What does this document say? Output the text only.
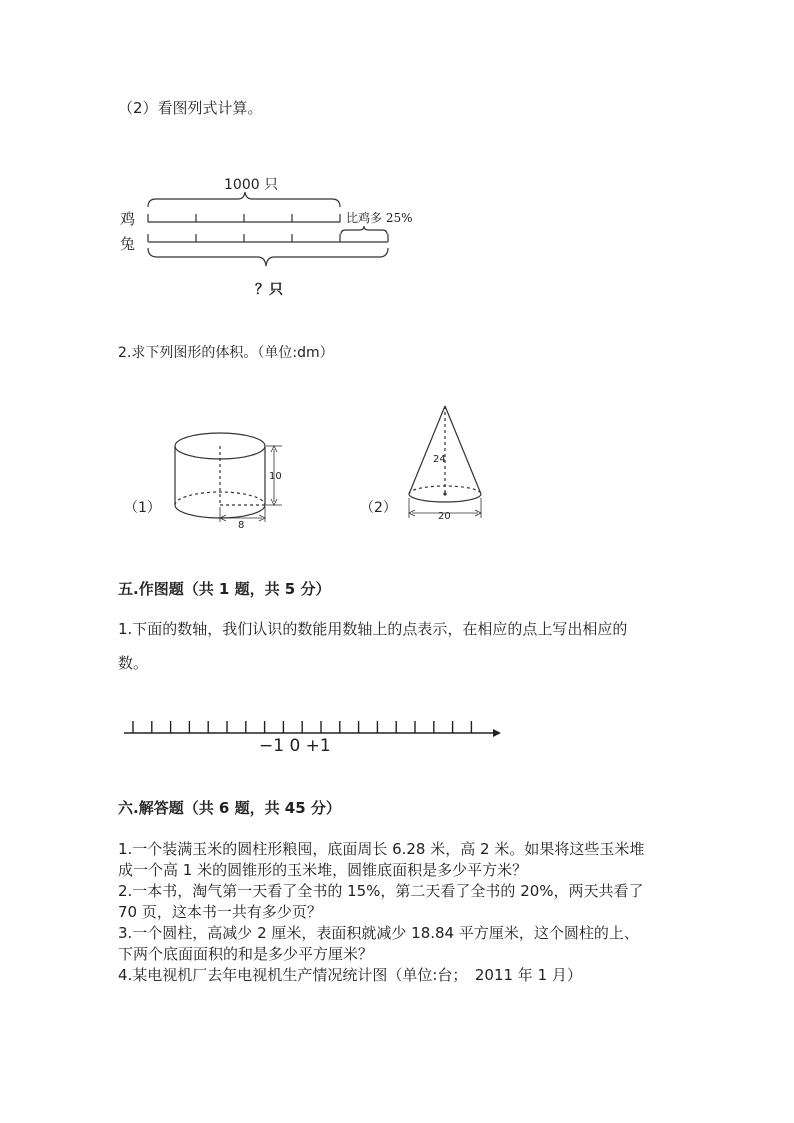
（2）看图列式计算。
1000 只
鸡
兔
比鸡多 25%
？只
2.求下列图形的体积。（单位:dm）
（1）
10
8
（2）
24
20
五.作图题（共 1 题，共 5 分）
1.下面的数轴，我们认识的数能用数轴上的点表示，在相应的点上写出相应的
数。
−1 0 +1
六.解答题（共 6 题，共 45 分）
1.一个装满玉米的圆柱形粮囤，底面周长 6.28 米，高 2 米。如果将这些玉米堆
成一个高 1 米的圆锥形的玉米堆，圆锥底面积是多少平方米？
2.一本书，淘气第一天看了全书的 15%，第二天看了全书的 20%，两天共看了
70 页，这本书一共有多少页？
3.一个圆柱，高减少 2 厘米，表面积就减少 18.84 平方厘米，这个圆柱的上、
下两个底面面积的和是多少平方厘米？
4.某电视机厂去年电视机生产情况统计图（单位:台；　2011 年 1 月）
